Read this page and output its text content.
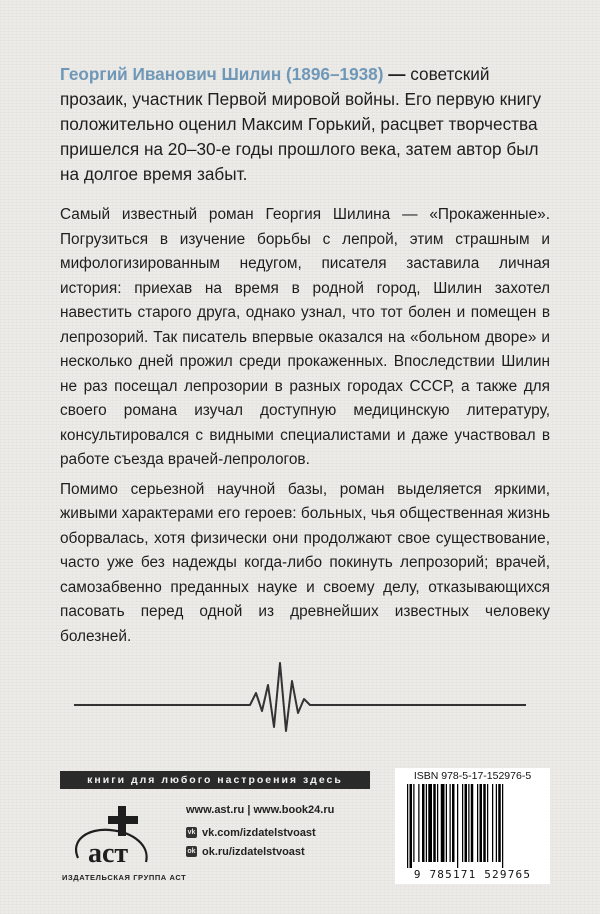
Георгий Иванович Шилин (1896–1938) — советский прозаик, участник Первой мировой войны. Его первую книгу положительно оценил Максим Горький, расцвет творчества пришелся на 20–30-е годы прошлого века, затем автор был на долгое время забыт.

Самый известный роман Георгия Шилина — «Прокаженные». Погрузиться в изучение борьбы с лепрой, этим страшным и мифологизированным недугом, писателя заставила личная история: приехав на время в родной город, Шилин захотел навестить старого друга, однако узнал, что тот болен и помещен в лепрозорий. Так писатель впервые оказался на «больном дворе» и несколько дней прожил среди прокаженных. Впоследствии Шилин не раз посещал лепрозории в разных городах СССР, а также для своего романа изучал доступную медицинскую литературу, консультировался с видными специалистами и даже участвовал в работе съезда врачей-лепрологов.

Помимо серьезной научной базы, роман выделяется яркими, живыми характерами его героев: больных, чья общественная жизнь оборвалась, хотя физически они продолжают свое существование, часто уже без надежды когда-либо покинуть лепрозорий; врачей, самозабвенно преданных науке и своему делу, отказывающихся пасовать перед одной из древнейших известных человеку болезней.

книги для любого настроения здесь
аст
ИЗДАТЕЛЬСКАЯ ГРУППА АСТ
www.ast.ru | www.book24.ru
vk vk.com/izdatelstvoast
ok ok.ru/izdatelstvoast
ISBN 978-5-17-152976-5
9 785171 529765
